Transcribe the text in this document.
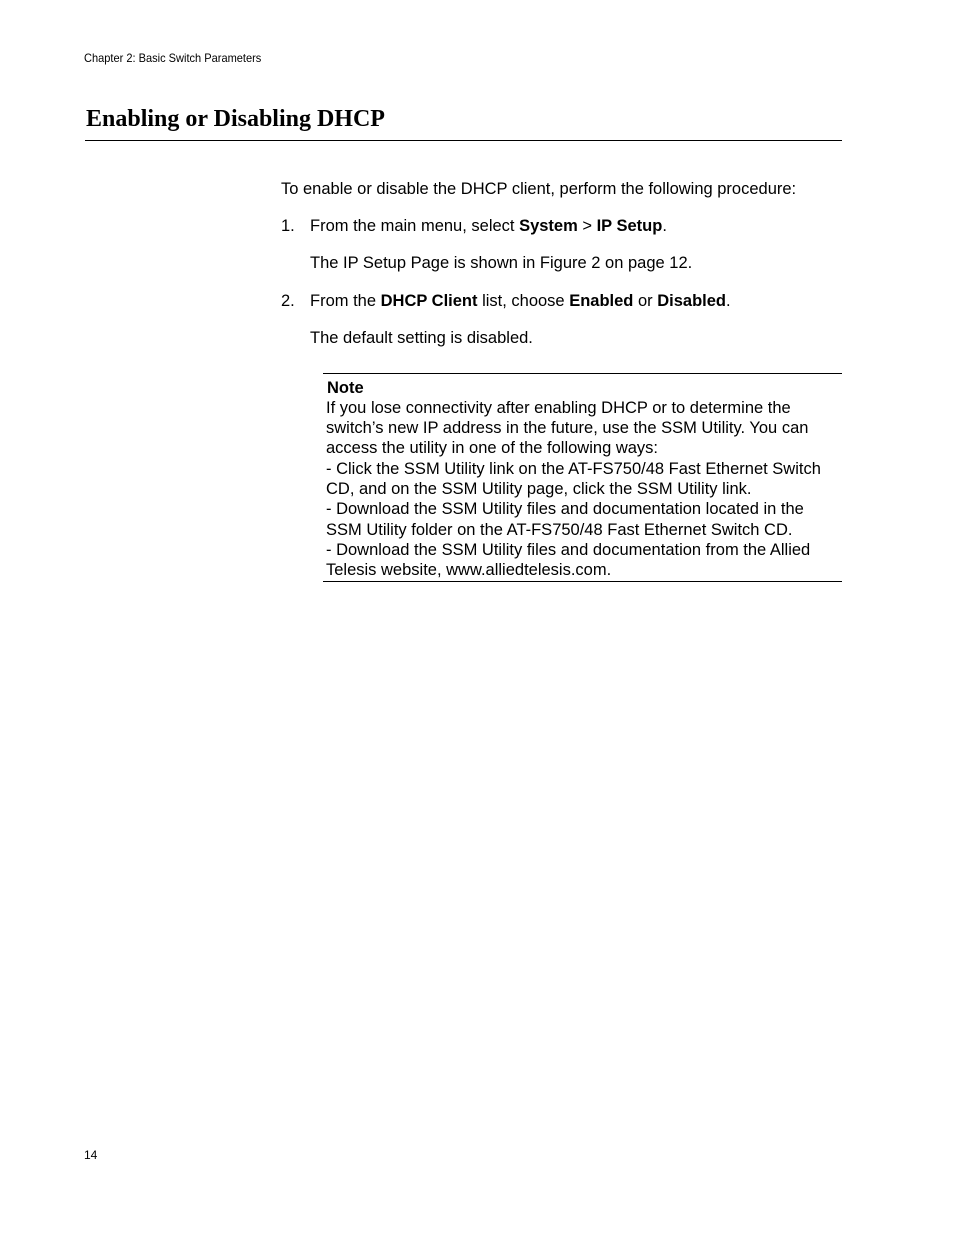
Chapter 2: Basic Switch Parameters
Enabling or Disabling DHCP
To enable or disable the DHCP client, perform the following procedure:
1. From the main menu, select System > IP Setup.
The IP Setup Page is shown in Figure 2 on page 12.
2. From the DHCP Client list, choose Enabled or Disabled.
The default setting is disabled.
Note
If you lose connectivity after enabling DHCP or to determine the
switch’s new IP address in the future, use the SSM Utility. You can
access the utility in one of the following ways:
- Click the SSM Utility link on the AT-FS750/48 Fast Ethernet Switch
CD, and on the SSM Utility page, click the SSM Utility link.
- Download the SSM Utility files and documentation located in the
SSM Utility folder on the AT-FS750/48 Fast Ethernet Switch CD.
- Download the SSM Utility files and documentation from the Allied
Telesis website, www.alliedtelesis.com.
14
